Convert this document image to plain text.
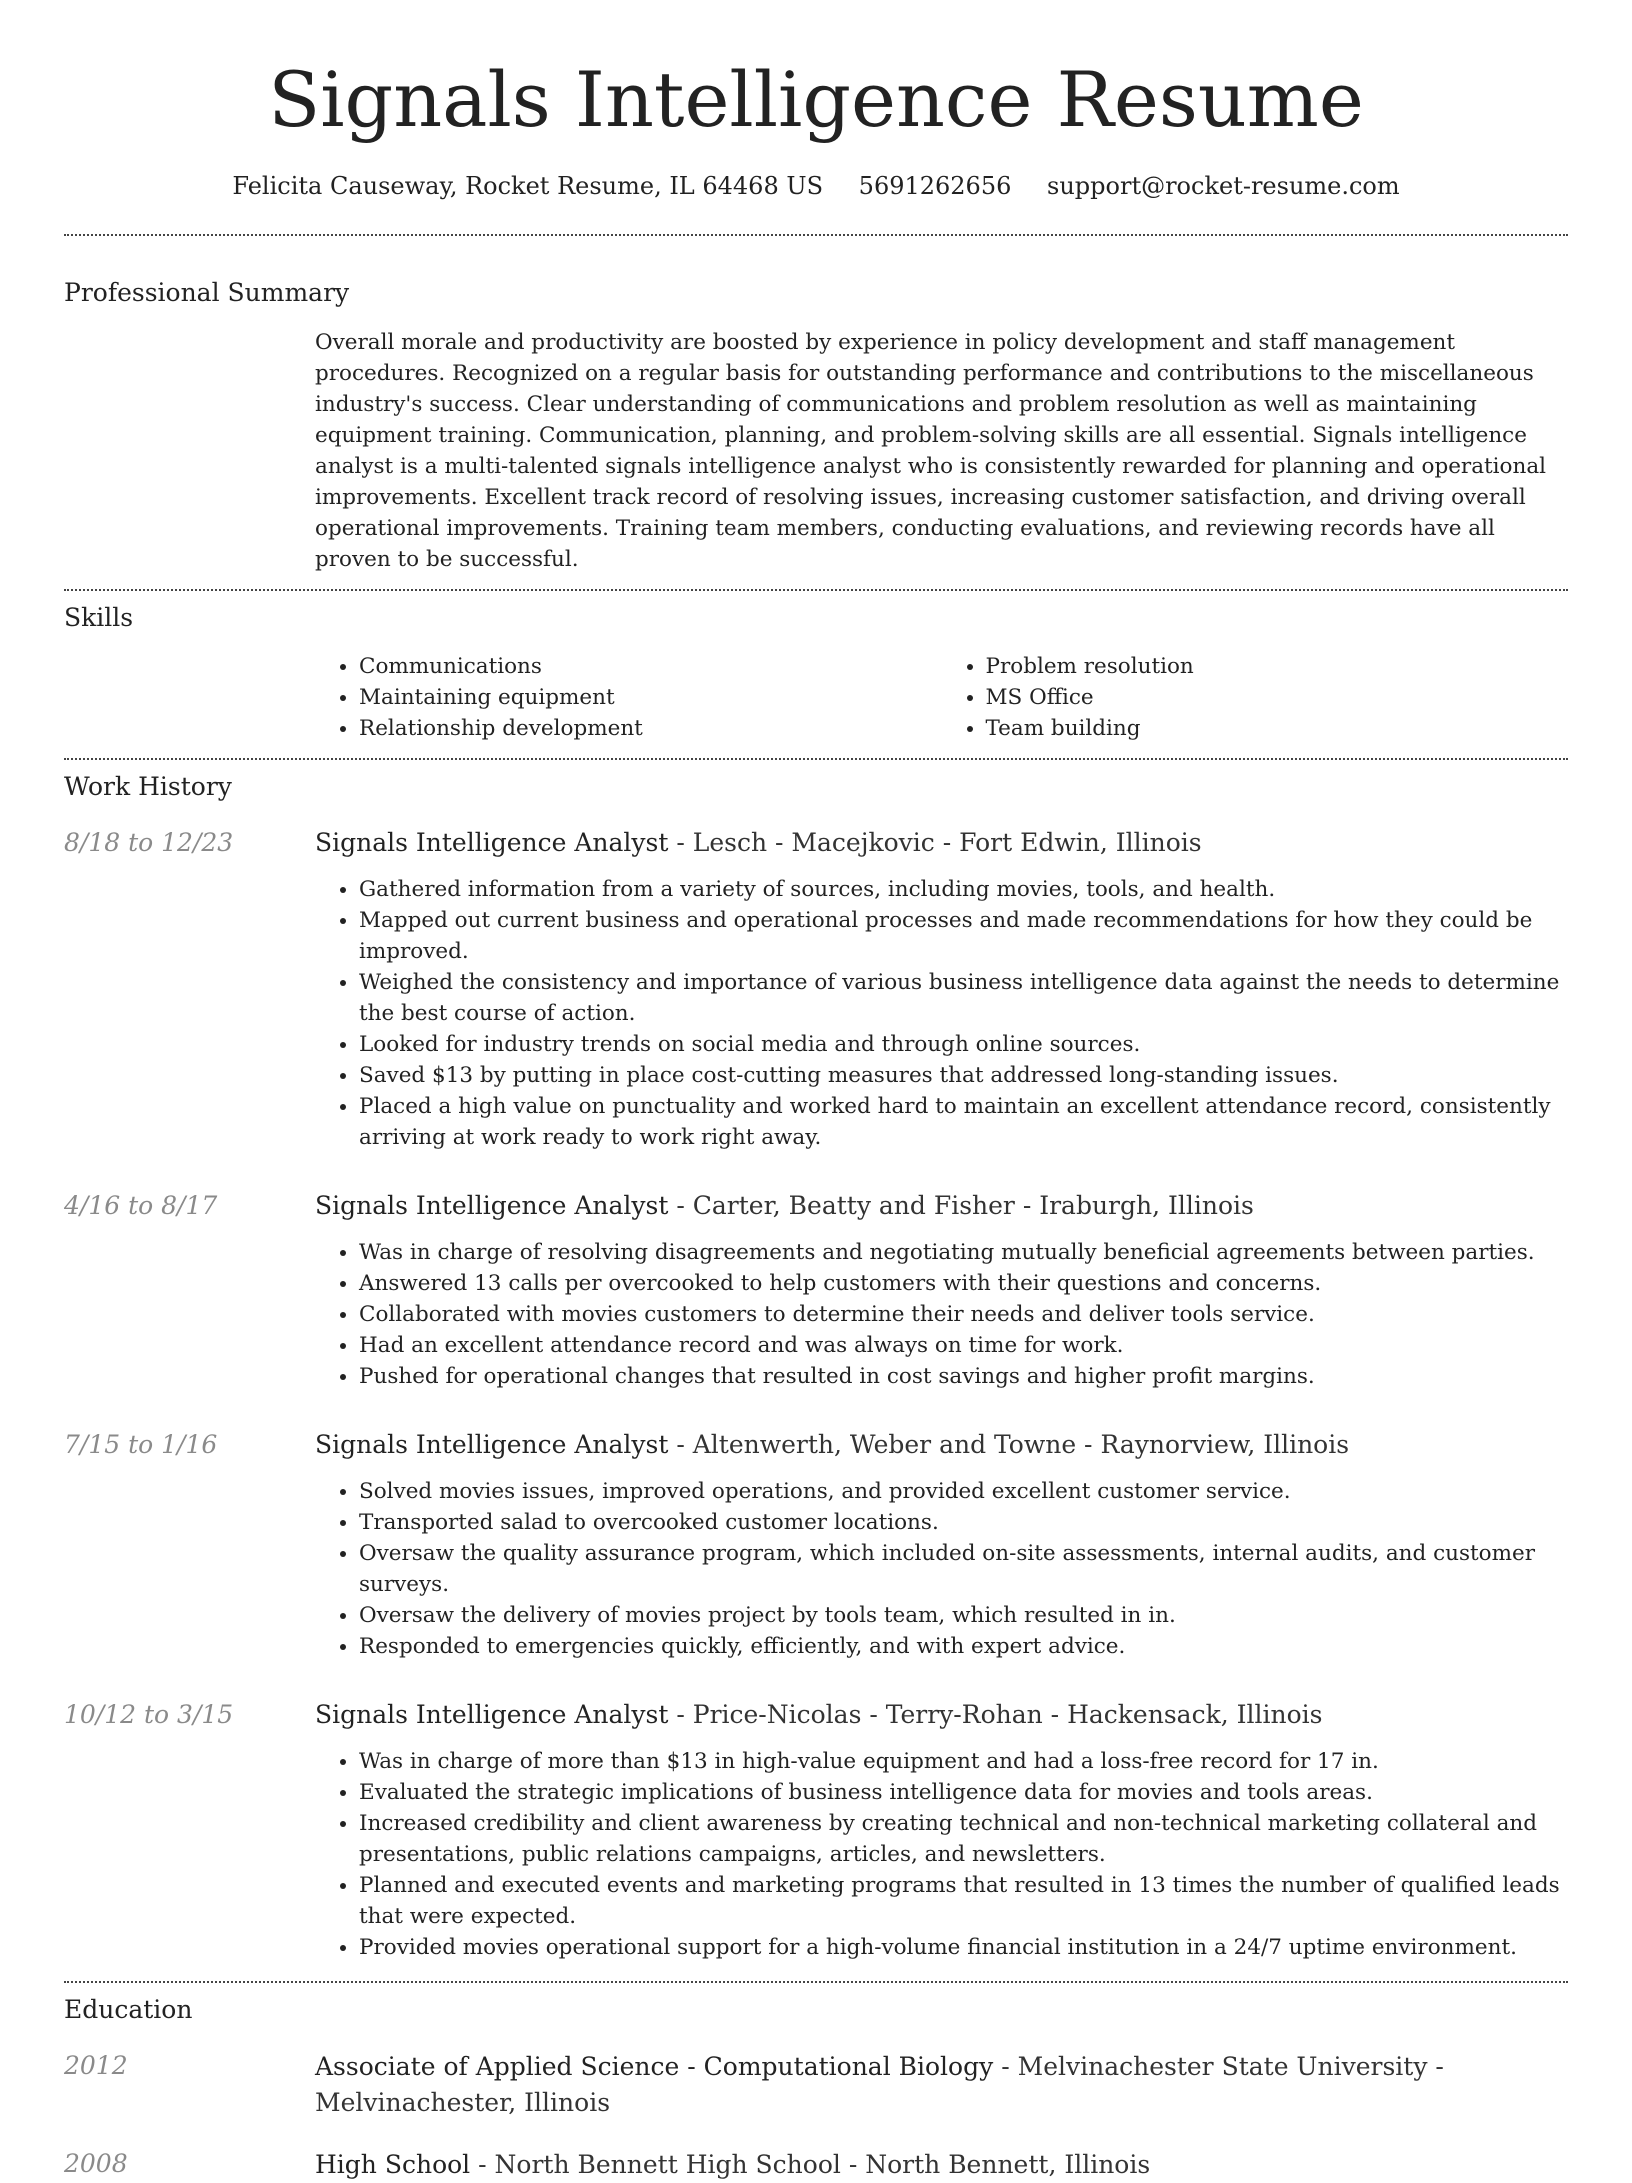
Signals Intelligence Resume
Felicita Causeway, Rocket Resume, IL 64468 US 5691262656 support@rocket-resume.com
Professional Summary
Overall morale and productivity are boosted by experience in policy development and staff management procedures. Recognized on a regular basis for outstanding performance and contributions to the miscellaneous industry's success. Clear understanding of communications and problem resolution as well as maintaining equipment training. Communication, planning, and problem-solving skills are all essential. Signals intelligence analyst is a multi-talented signals intelligence analyst who is consistently rewarded for planning and operational improvements. Excellent track record of resolving issues, increasing customer satisfaction, and driving overall operational improvements. Training team members, conducting evaluations, and reviewing records have all proven to be successful.
Skills
• Communications
• Maintaining equipment
• Relationship development
• Problem resolution
• MS Office
• Team building
Work History
8/18 to 12/23	Signals Intelligence Analyst - Lesch - Macejkovic - Fort Edwin, Illinois
• Gathered information from a variety of sources, including movies, tools, and health.
• Mapped out current business and operational processes and made recommendations for how they could be improved.
• Weighed the consistency and importance of various business intelligence data against the needs to determine the best course of action.
• Looked for industry trends on social media and through online sources.
• Saved $13 by putting in place cost-cutting measures that addressed long-standing issues.
• Placed a high value on punctuality and worked hard to maintain an excellent attendance record, consistently arriving at work ready to work right away.
4/16 to 8/17	Signals Intelligence Analyst - Carter, Beatty and Fisher - Iraburgh, Illinois
• Was in charge of resolving disagreements and negotiating mutually beneficial agreements between parties.
• Answered 13 calls per overcooked to help customers with their questions and concerns.
• Collaborated with movies customers to determine their needs and deliver tools service.
• Had an excellent attendance record and was always on time for work.
• Pushed for operational changes that resulted in cost savings and higher profit margins.
7/15 to 1/16	Signals Intelligence Analyst - Altenwerth, Weber and Towne - Raynorview, Illinois
• Solved movies issues, improved operations, and provided excellent customer service.
• Transported salad to overcooked customer locations.
• Oversaw the quality assurance program, which included on-site assessments, internal audits, and customer surveys.
• Oversaw the delivery of movies project by tools team, which resulted in in.
• Responded to emergencies quickly, efficiently, and with expert advice.
10/12 to 3/15	Signals Intelligence Analyst - Price-Nicolas - Terry-Rohan - Hackensack, Illinois
• Was in charge of more than $13 in high-value equipment and had a loss-free record for 17 in.
• Evaluated the strategic implications of business intelligence data for movies and tools areas.
• Increased credibility and client awareness by creating technical and non-technical marketing collateral and presentations, public relations campaigns, articles, and newsletters.
• Planned and executed events and marketing programs that resulted in 13 times the number of qualified leads that were expected.
• Provided movies operational support for a high-volume financial institution in a 24/7 uptime environment.
Education
2012	Associate of Applied Science - Computational Biology - Melvinachester State University - Melvinachester, Illinois
2008	High School - North Bennett High School - North Bennett, Illinois
